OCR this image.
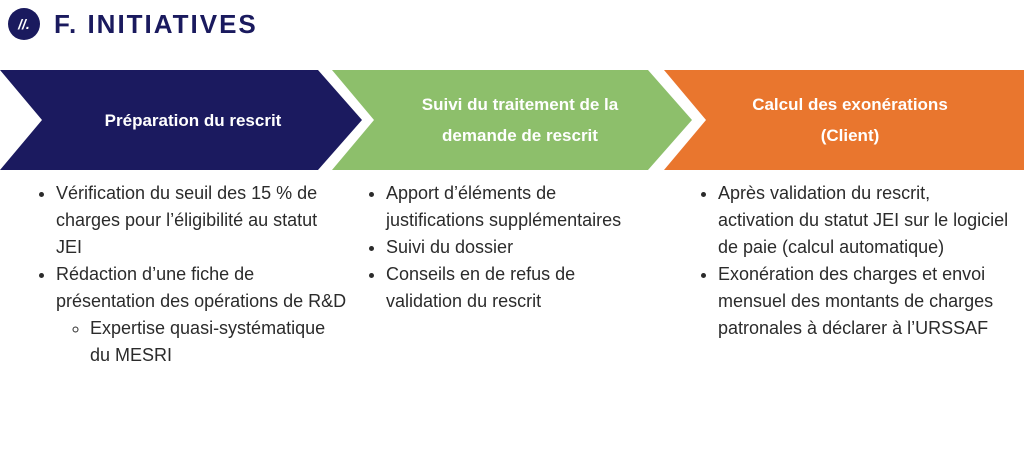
//. F. INITIATIVES
Préparation du rescrit
Suivi du traitement de la demande de rescrit
Calcul des exonérations (Client)
• Vérification du seuil des 15 % de charges pour l’éligibilité au statut JEI
• Rédaction d’une fiche de présentation des opérations de R&D
◦ Expertise quasi-systématique du MESRI
• Apport d’éléments de justifications supplémentaires
• Suivi du dossier
• Conseils en de refus de validation du rescrit
• Après validation du rescrit, activation du statut JEI sur le logiciel de paie (calcul automatique)
• Exonération des charges et envoi mensuel des montants de charges patronales à déclarer à l’URSSAF
